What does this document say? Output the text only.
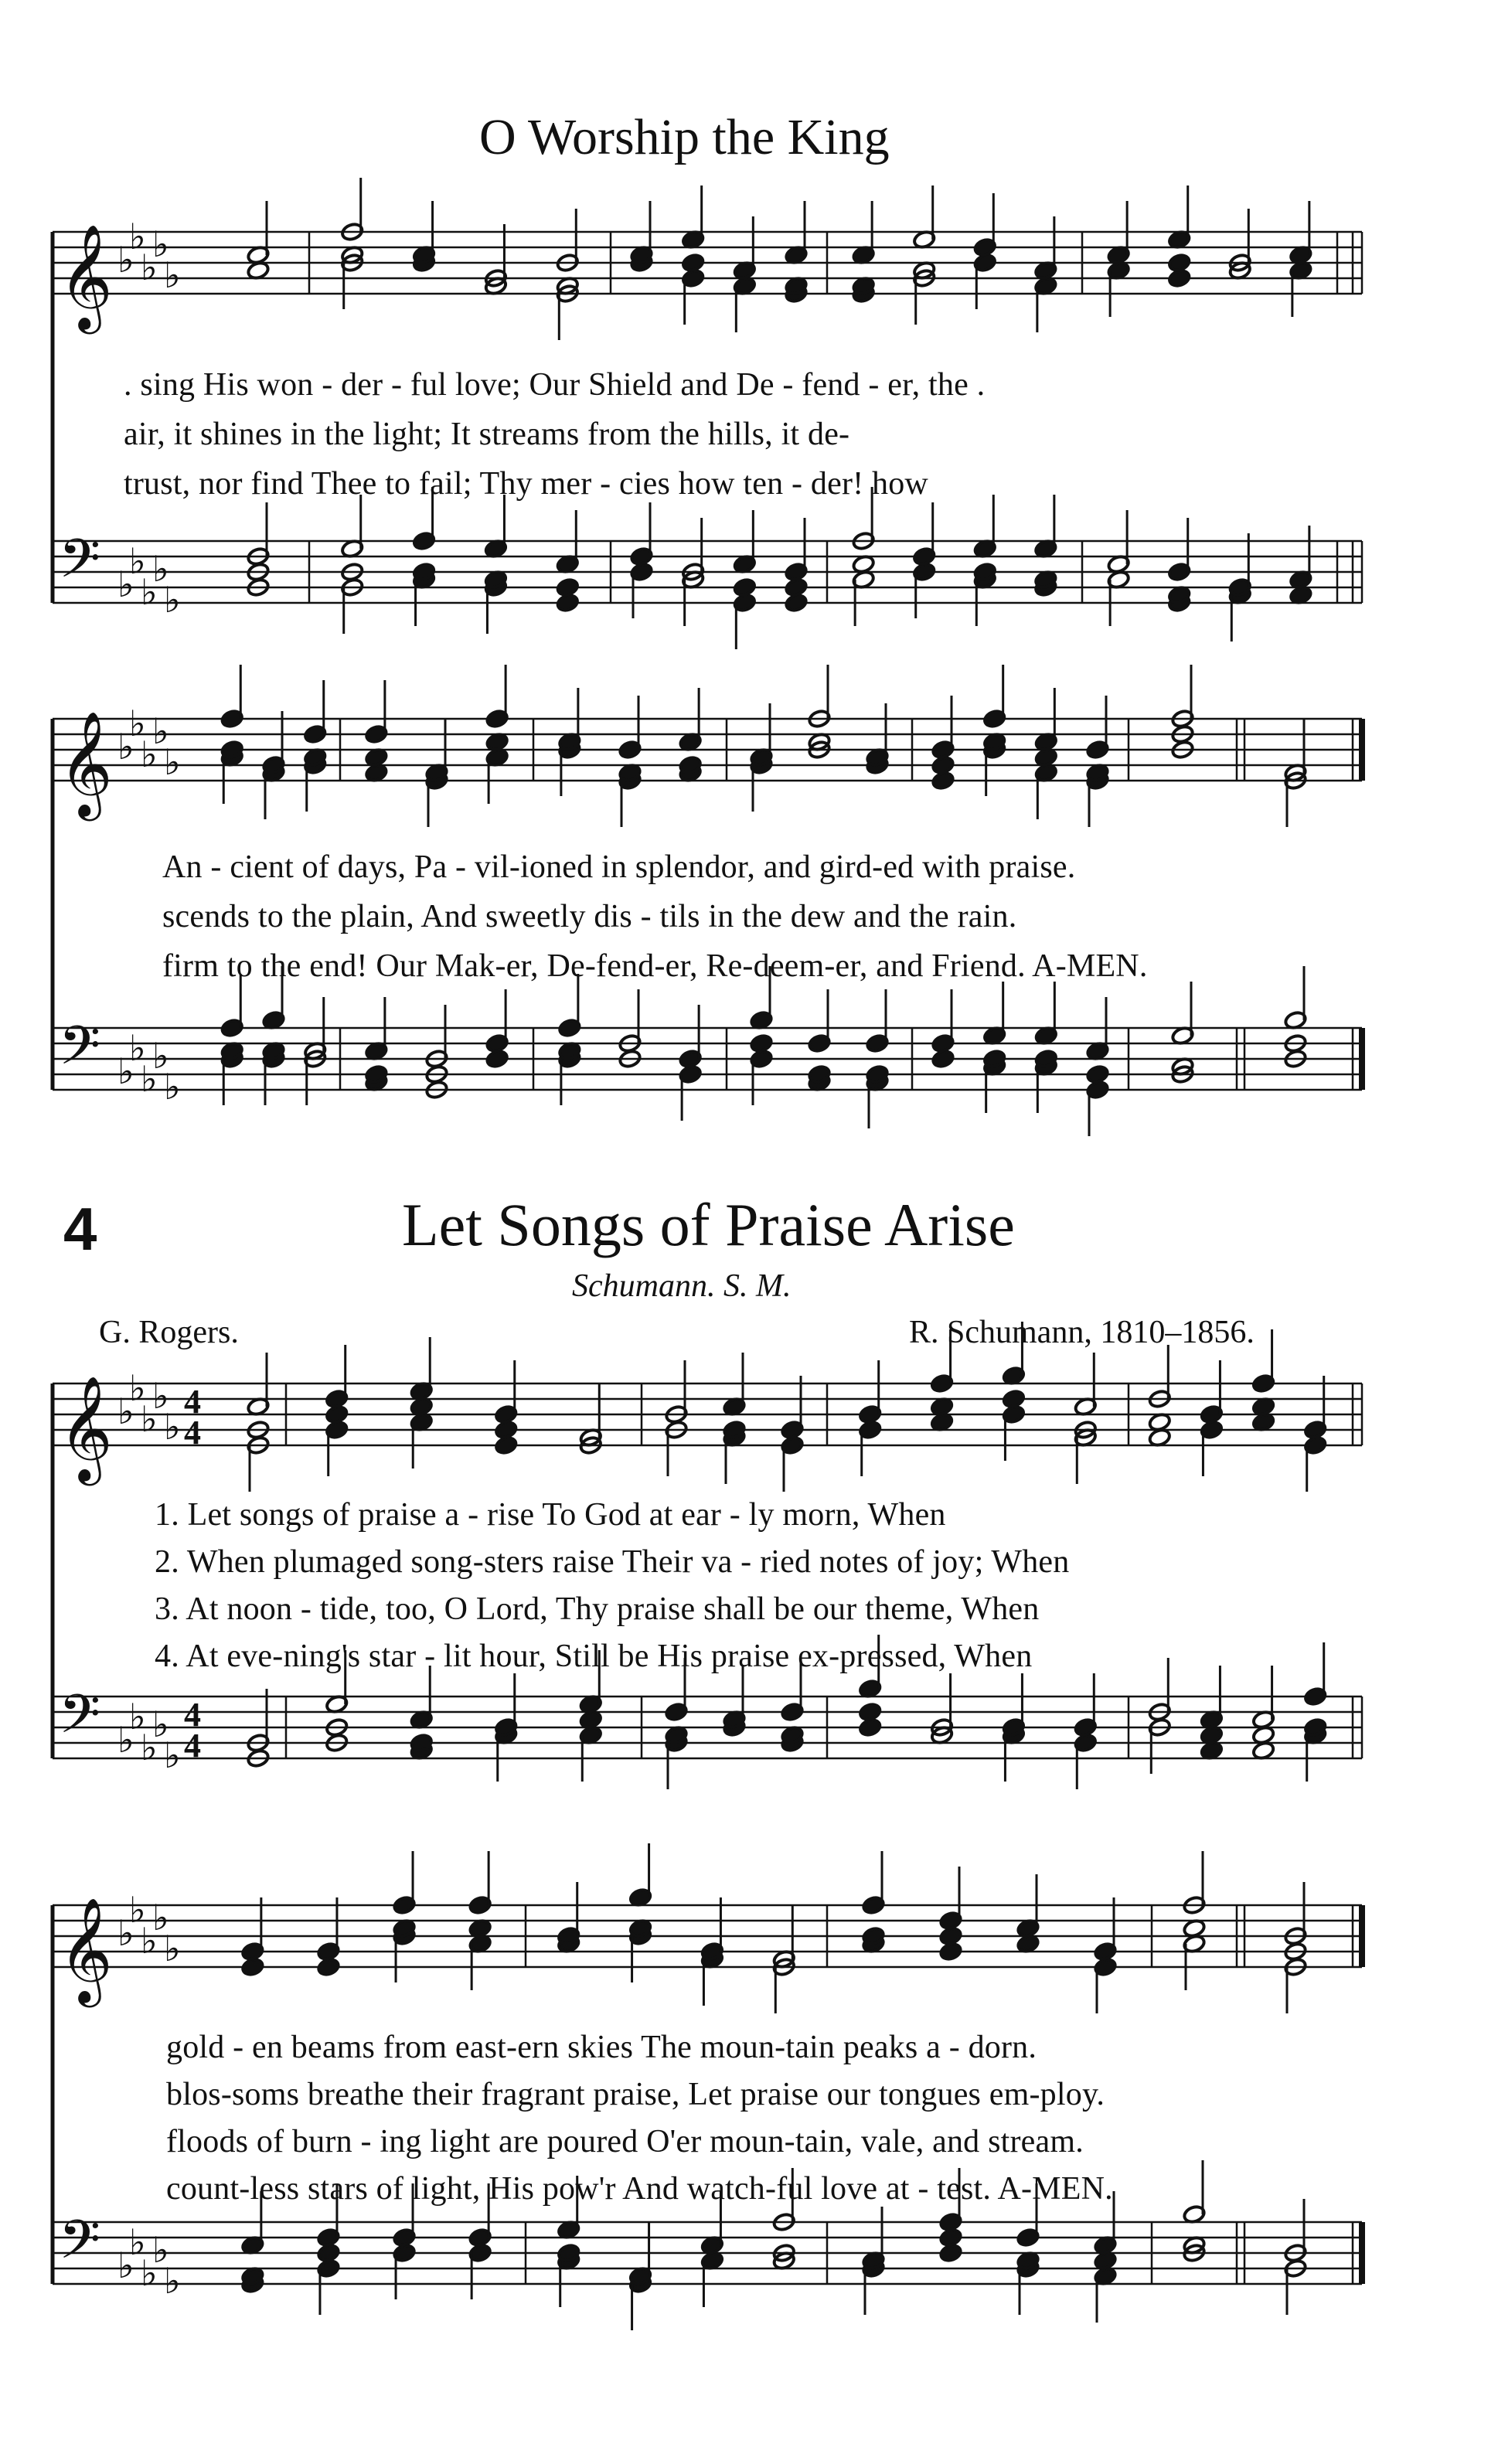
O Worship the King
. sing His won - der - ful love; Our Shield and De - fend - er, the .
air, it shines in the light; It streams from the hills, it de-
trust, nor find Thee to fail; Thy mer - cies how ten - der! how
An - cient of days, Pa - vil-ioned in splendor, and gird-ed with praise.
scends to the plain, And sweetly dis - tils in the dew and the rain.
firm to the end! Our Mak-er, De-fend-er, Re-deem-er, and Friend. A-MEN.
4	Let Songs of Praise Arise
Schumann. S. M.
G. Rogers.	R. Schumann, 1810–1856.
1. Let songs of praise a - rise To God at ear - ly morn, When
2. When plumaged song-sters raise Their va - ried notes of joy; When
3. At noon - tide, too, O Lord, Thy praise shall be our theme, When
4. At eve-ning's star - lit hour, Still be His praise ex-pressed, When
gold - en beams from east-ern skies The moun-tain peaks a - dorn.
blos-soms breathe their fragrant praise, Let praise our tongues em-ploy.
floods of burn - ing light are poured O'er moun-tain, vale, and stream.
count-less stars of light, His pow'r And watch-ful love at - test. A-MEN.
𝄞 ♭
♭
♭
♭
♭
𝄢 ♭
♭
♭
♭
♭
𝄞 ♭
♭
♭
♭
♭
𝄢 ♭
♭
♭
♭
♭
𝄞 ♭
♭
♭
♭
♭
4
4
𝄢 ♭
♭
♭
♭
♭
4
4
𝄞 ♭
♭
♭
♭
♭
𝄢 ♭
♭
♭
♭
♭
